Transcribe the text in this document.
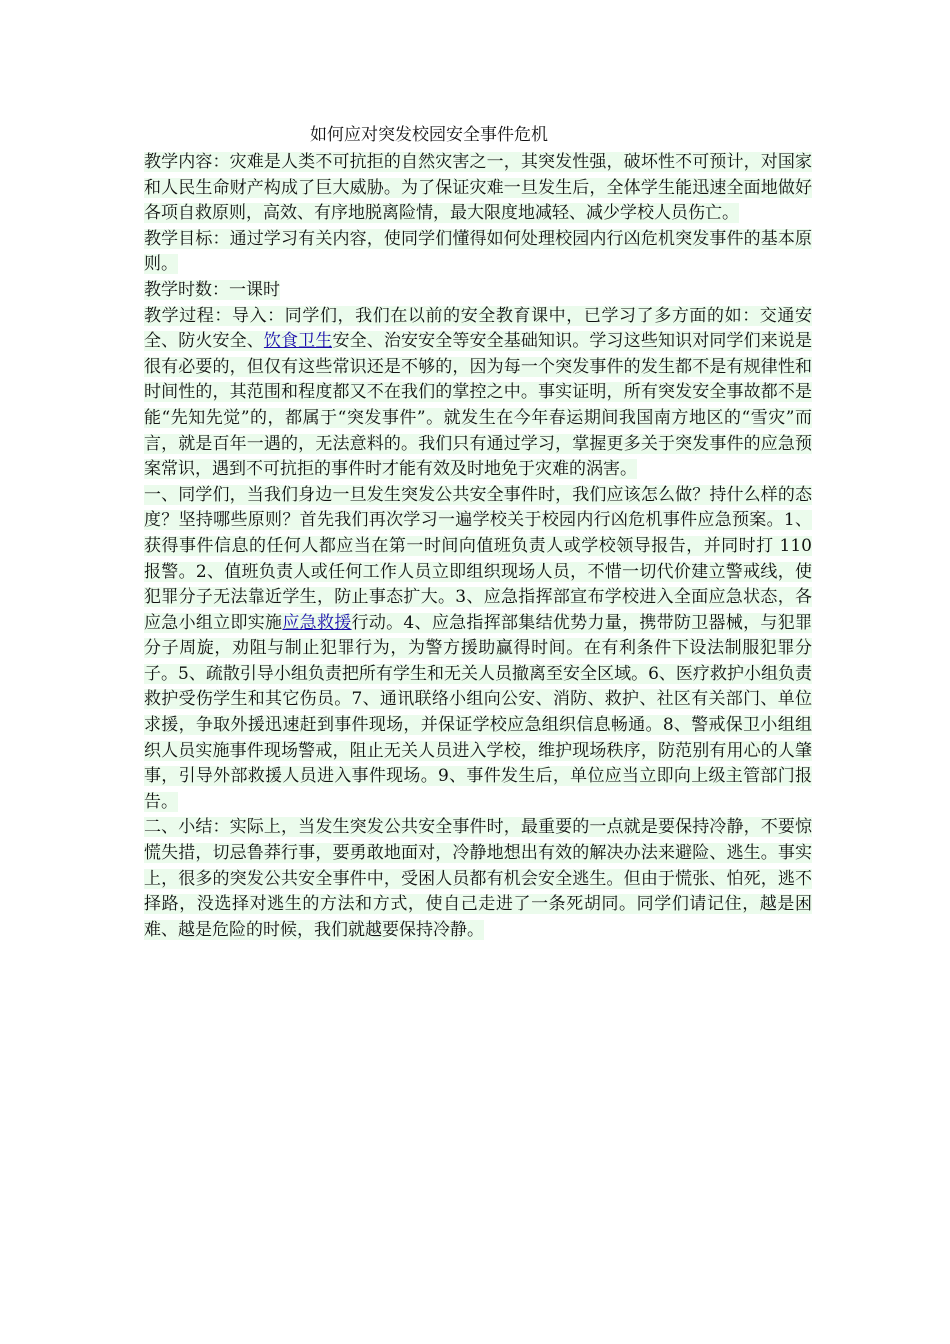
如何应对突发校园安全事件危机

教学内容：灾难是人类不可抗拒的自然灾害之一，其突发性强，破坏性不可预计，对国家和人民生命财产构成了巨大威胁。为了保证灾难一旦发生后，全体学生能迅速全面地做好各项自救原则，高效、有序地脱离险情，最大限度地减轻、减少学校人员伤亡。

教学目标：通过学习有关内容，使同学们懂得如何处理校园内行凶危机突发事件的基本原则。

教学时数：一课时

教学过程：导入：同学们，我们在以前的安全教育课中，已学习了多方面的如：交通安全、防火安全、饮食卫生安全、治安安全等安全基础知识。学习这些知识对同学们来说是很有必要的，但仅有这些常识还是不够的，因为每一个突发事件的发生都不是有规律性和时间性的，其范围和程度都又不在我们的掌控之中。事实证明，所有突发安全事故都不是能“先知先觉”的，都属于“突发事件”。就发生在今年春运期间我国南方地区的“雪灾”而言，就是百年一遇的，无法意料的。我们只有通过学习，掌握更多关于突发事件的应急预案常识，遇到不可抗拒的事件时才能有效及时地免于灾难的涡害。

一、同学们，当我们身边一旦发生突发公共安全事件时，我们应该怎么做？持什么样的态度？坚持哪些原则？首先我们再次学习一遍学校关于校园内行凶危机事件应急预案。1、获得事件信息的任何人都应当在第一时间向值班负责人或学校领导报告，并同时打 110 报警。2、值班负责人或任何工作人员立即组织现场人员，不惜一切代价建立警戒线，使犯罪分子无法靠近学生，防止事态扩大。3、应急指挥部宣布学校进入全面应急状态，各应急小组立即实施应急救援行动。4、应急指挥部集结优势力量，携带防卫器械，与犯罪分子周旋，劝阻与制止犯罪行为，为警方援助赢得时间。在有利条件下设法制服犯罪分子。5、疏散引导小组负责把所有学生和无关人员撤离至安全区域。6、医疗救护小组负责救护受伤学生和其它伤员。7、通讯联络小组向公安、消防、救护、社区有关部门、单位求援，争取外援迅速赶到事件现场，并保证学校应急组织信息畅通。8、警戒保卫小组组织人员实施事件现场警戒，阻止无关人员进入学校，维护现场秩序，防范别有用心的人肇事，引导外部救援人员进入事件现场。9、事件发生后，单位应当立即向上级主管部门报告。

二、小结：实际上，当发生突发公共安全事件时，最重要的一点就是要保持冷静，不要惊慌失措，切忌鲁莽行事，要勇敢地面对，冷静地想出有效的解决办法来避险、逃生。事实上，很多的突发公共安全事件中，受困人员都有机会安全逃生。但由于慌张、怕死，逃不择路，没选择对逃生的方法和方式，使自己走进了一条死胡同。同学们请记住，越是困难、越是危险的时候，我们就越要保持冷静。
